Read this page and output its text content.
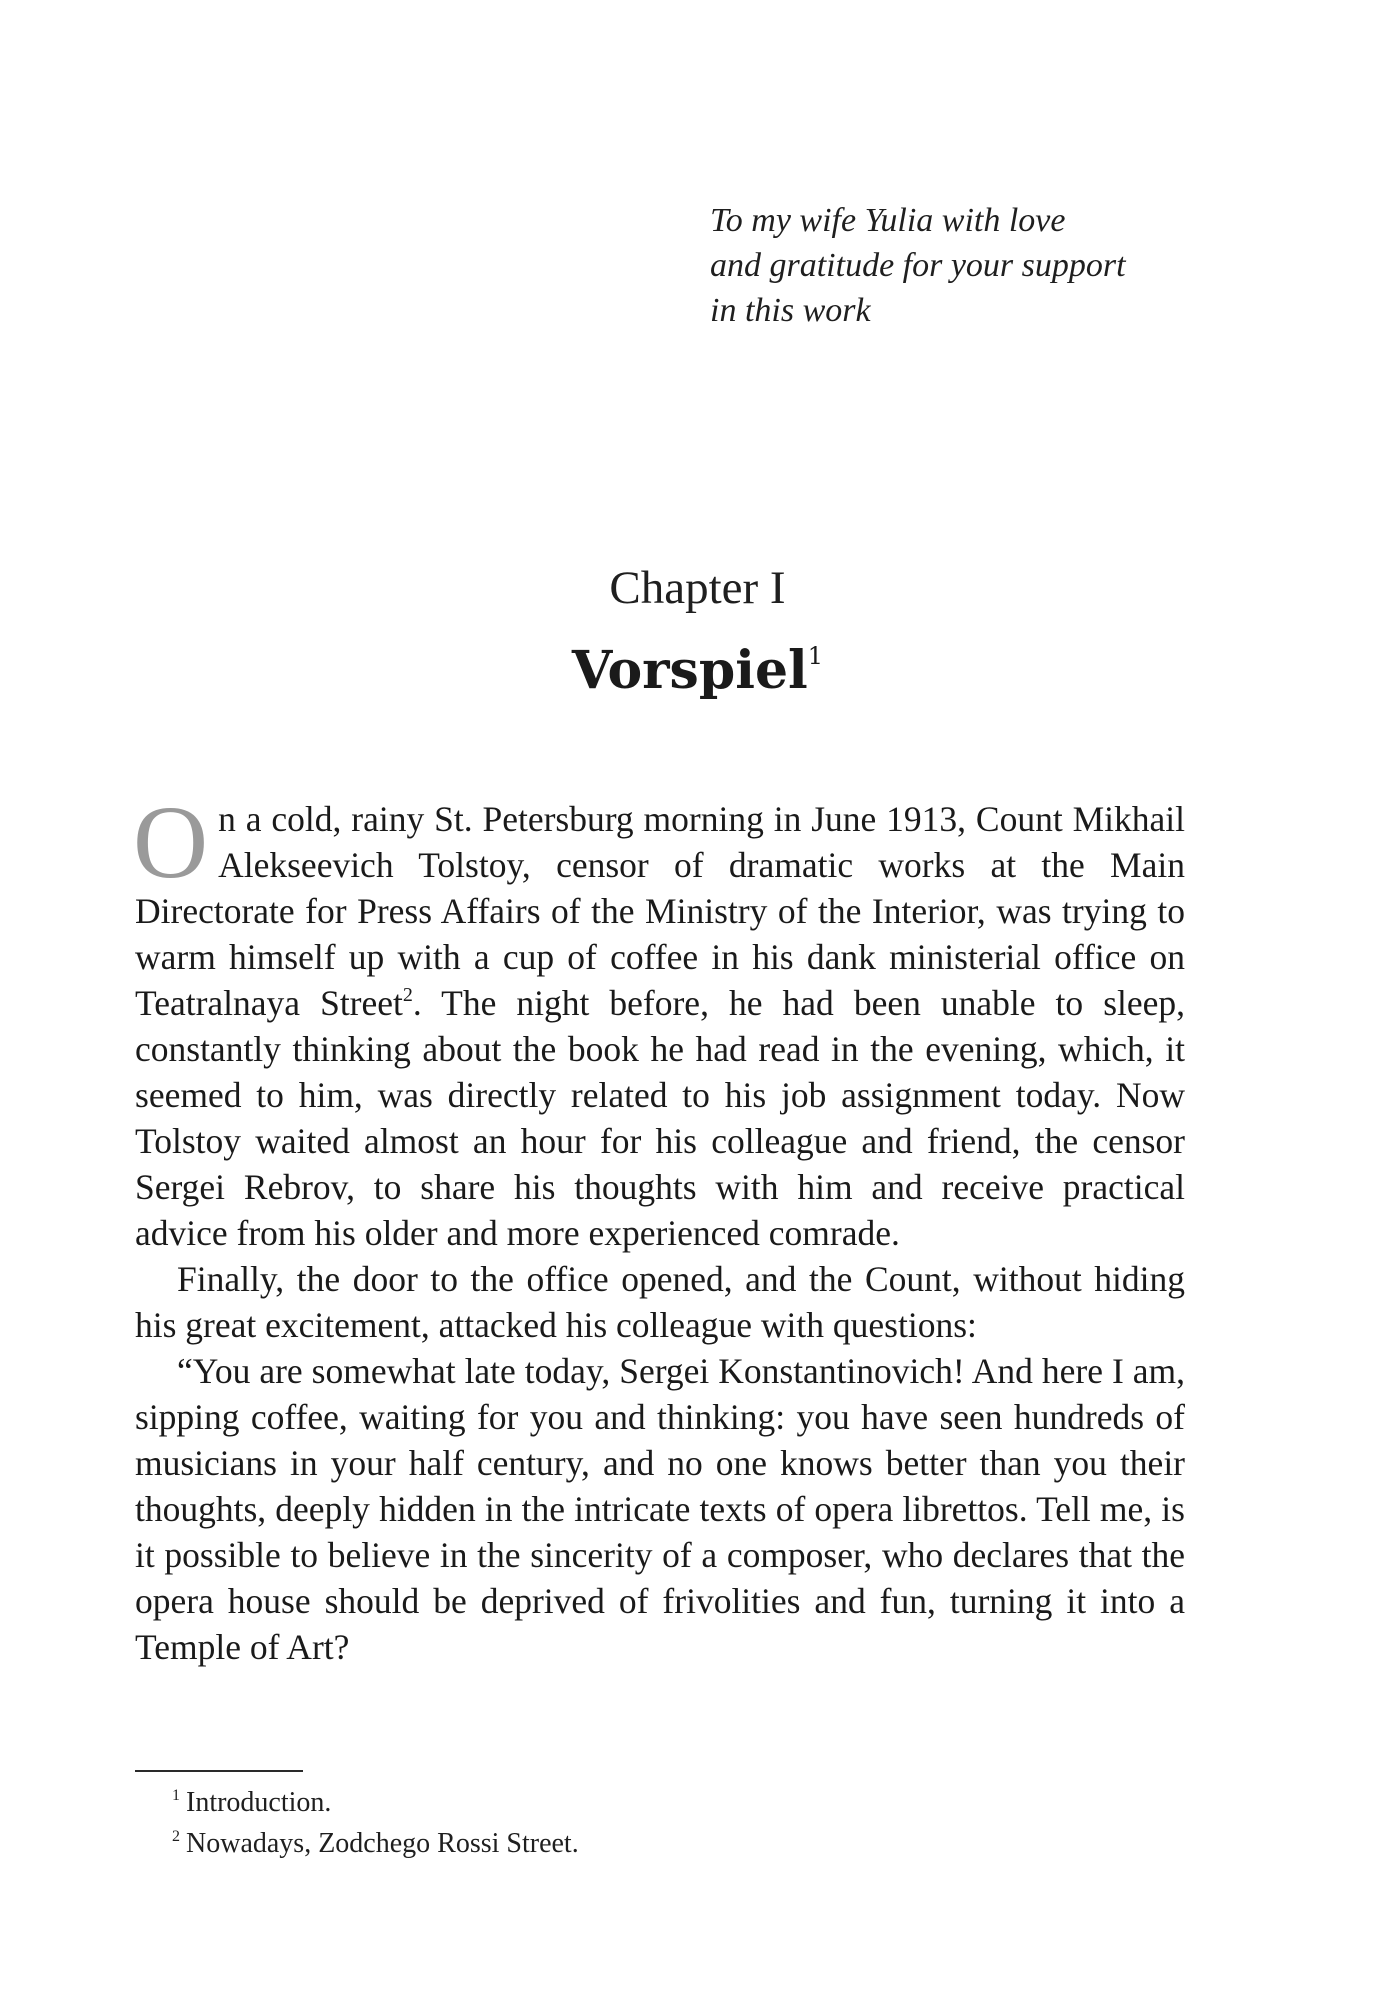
To my wife Yulia with love
and gratitude for your support
in this work
Chapter I
Vorspiel$^1$

On a cold, rainy St. Petersburg morning in June 1913, Count Mikhail Alekseevich Tolstoy, censor of dramatic works at the Main Directorate for Press Affairs of the Ministry of the Interior, was trying to warm himself up with a cup of coffee in his dank ministerial office on Teatralnaya Street$^2$. The night before, he had been unable to sleep, constantly thinking about the book he had read in the evening, which, it seemed to him, was directly related to his job assignment today. Now Tolstoy waited almost an hour for his colleague and friend, the censor Sergei Rebrov, to share his thoughts with him and receive practical advice from his older and more experienced comrade.

Finally, the door to the office opened, and the Count, without hiding his great excitement, attacked his colleague with questions:

“You are somewhat late today, Sergei Konstantinovich! And here I am, sipping coffee, waiting for you and thinking: you have seen hundreds of musicians in your half century, and no one knows better than you their thoughts, deeply hidden in the intricate texts of opera librettos. Tell me, is it possible to believe in the sincerity of a composer, who declares that the opera house should be deprived of frivolities and fun, turning it into a Temple of Art?

$^1$ Introduction.
$^2$ Nowadays, Zodchego Rossi Street.
